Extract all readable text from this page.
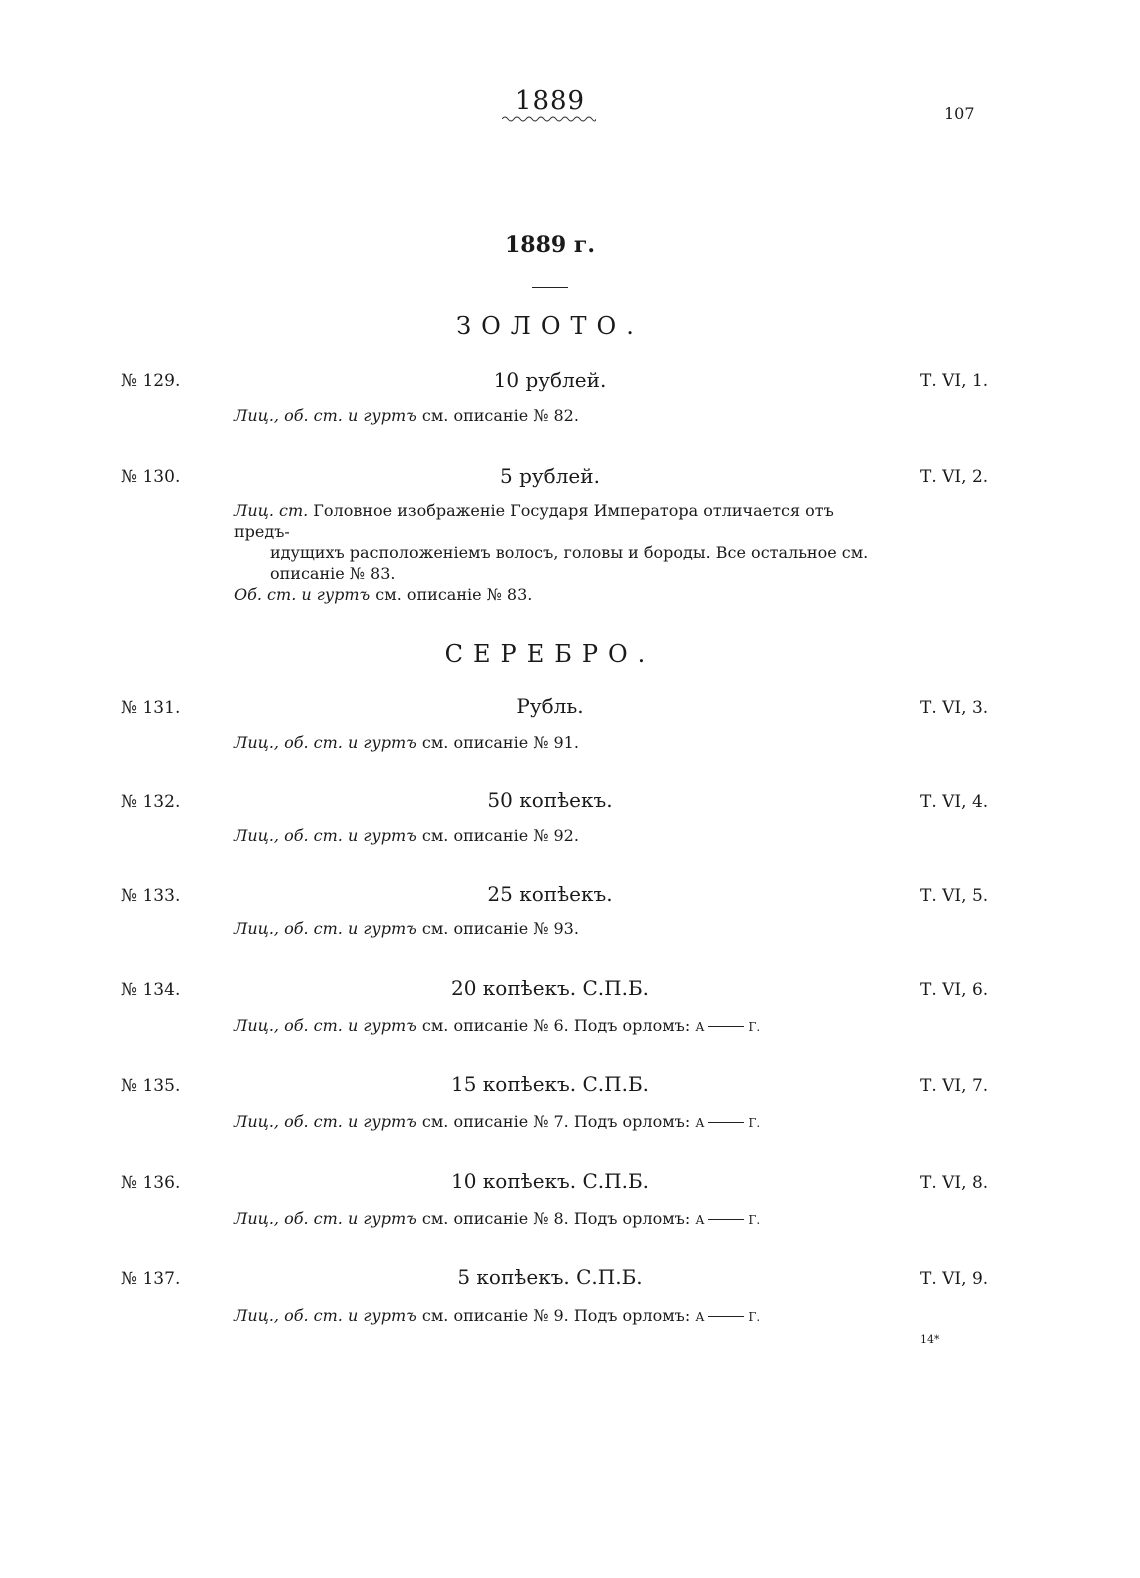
1889	107
1889 г.
ЗОЛОТО.
№ 129.	10 рублей.	Т. VI, 1.
Лиц., об. ст. и гуртъ см. описаніе № 82.
№ 130.	5 рублей.	Т. VI, 2.
Лиц. ст. Головное изображеніе Государя Императора отличается отъ предъ-
идущихъ расположеніемъ волосъ, головы и бороды. Все остальное см.
описаніе № 83.
Об. ст. и гуртъ см. описаніе № 83.
СЕРЕБРО.
№ 131.	Рубль.	Т. VI, 3.
Лиц., об. ст. и гуртъ см. описаніе № 91.
№ 132.	50 копѣекъ.	Т. VI, 4.
Лиц., об. ст. и гуртъ см. описаніе № 92.
№ 133.	25 копѣекъ.	Т. VI, 5.
Лиц., об. ст. и гуртъ см. описаніе № 93.
№ 134.	20 копѣекъ. С.П.Б.	Т. VI, 6.
Лиц., об. ст. и гуртъ см. описаніе № 6. Подъ орломъ: А	Г.
№ 135.	15 копѣекъ. С.П.Б.	Т. VI, 7.
Лиц., об. ст. и гуртъ см. описаніе № 7. Подъ орломъ: А	Г.
№ 136.	10 копѣекъ. С.П.Б.	Т. VI, 8.
Лиц., об. ст. и гуртъ см. описаніе № 8. Подъ орломъ: А	Г.
№ 137.	5 копѣекъ. С.П.Б.	Т. VI, 9.
Лиц., об. ст. и гуртъ см. описаніе № 9. Подъ орломъ: А	Г.
14*
